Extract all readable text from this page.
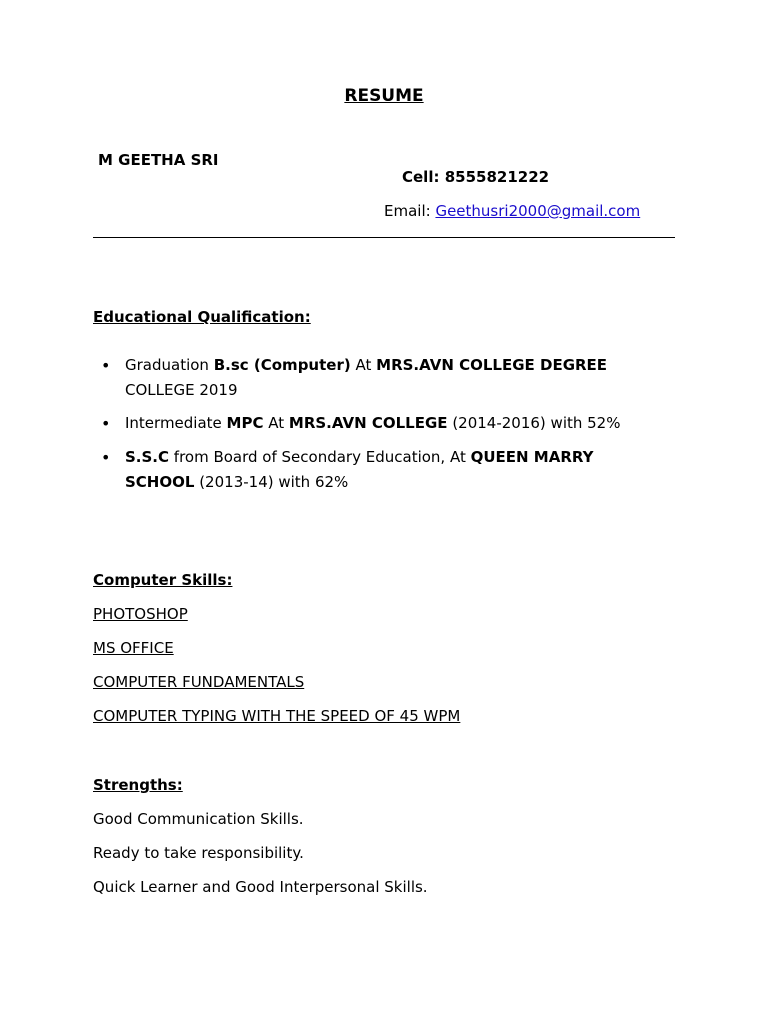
RESUME
M GEETHA SRI
Cell: 8555821222
Email: Geethusri2000@gmail.com
Educational Qualification:
• Graduation B.sc (Computer) At MRS.AVN COLLEGE DEGREE
COLLEGE 2019
• Intermediate MPC At MRS.AVN COLLEGE (2014-2016) with 52%
• S.S.C from Board of Secondary Education, At QUEEN MARRY
SCHOOL (2013-14) with 62%
Computer Skills:
PHOTOSHOP
MS OFFICE
COMPUTER FUNDAMENTALS
COMPUTER TYPING WITH THE SPEED OF 45 WPM
Strengths:
Good Communication Skills.
Ready to take responsibility.
Quick Learner and Good Interpersonal Skills.
